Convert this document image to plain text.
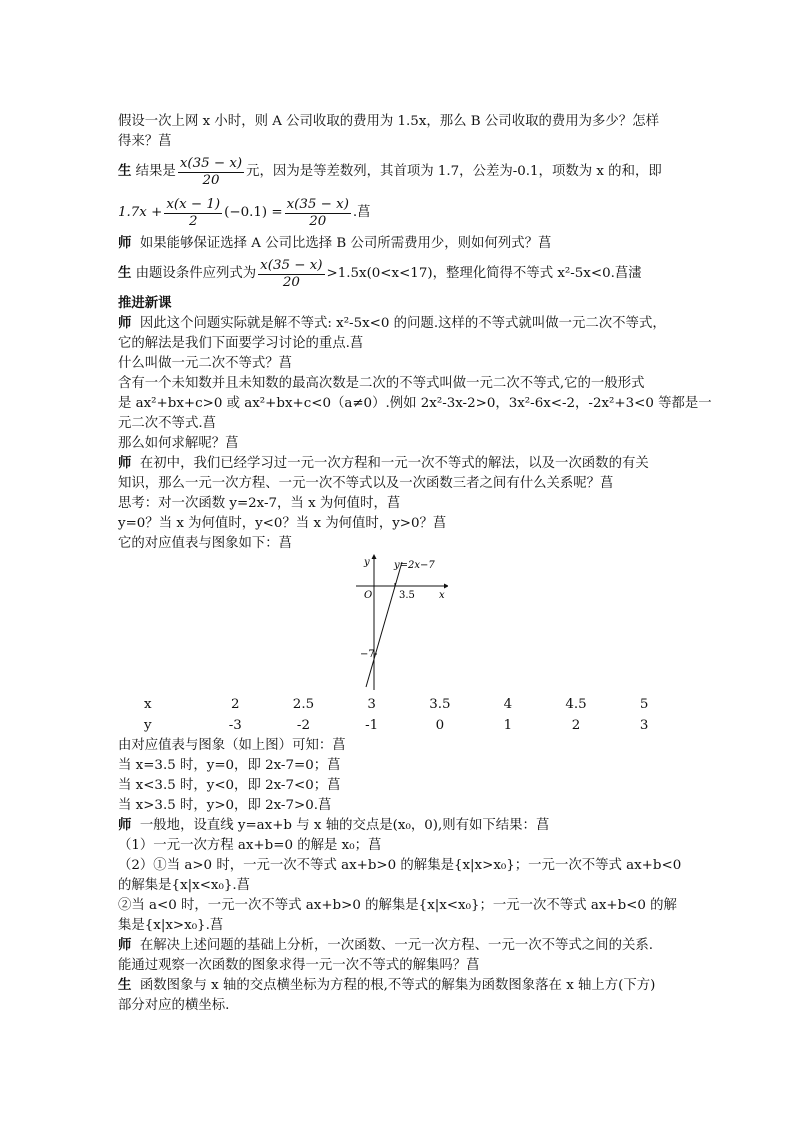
假设一次上网 x 小时，则 A 公司收取的费用为 1.5x，那么 B 公司收取的费用为多少？怎样
得来？菖
生
结果是 $\frac{x(35 - x)}{20}$ 元，因为是等差数列，其首项为 1.7，公差为-0.1，项数为 x 的和，即
$1.7x + \frac{x(x - 1)}{2} (-0.1) = \frac{x(35 - x)}{20}$ .菖
师 如果能够保证选择 A 公司比选择 B 公司所需费用少，则如何列式？菖
生
由题设条件应列式为 $\frac{x(35 - x)}{20} >1.5x(0<x<17)$，整理化简得不等式 x²-5x<0.菖澅
推进新课
师 因此这个问题实际就是解不等式: x²-5x<0 的问题.这样的不等式就叫做一元二次不等式，
它的解法是我们下面要学习讨论的重点.菖
什么叫做一元二次不等式？菖
含有一个未知数并且未知数的最高次数是二次的不等式叫做一元二次不等式,它的一般形式
是 ax²+bx+c>0 或 ax²+bx+c<0（a≠0）.例如 2x²-3x-2>0，3x²-6x<-2，-2x²+3<0 等都是一
元二次不等式.菖
那么如何求解呢？菖
师 在初中，我们已经学习过一元一次方程和一元一次不等式的解法，以及一次函数的有关
知识，那么一元一次方程、一元一次不等式以及一次函数三者之间有什么关系呢？菖
思考：对一次函数 y=2x-7，当 x 为何值时，菖
y=0？当 x 为何值时，y<0？当 x 为何值时，y>0？菖
它的对应值表与图象如下：菖
y
x
O
y=2x−7
3.5
−7
x	2	2.5	3	3.5	4	4.5	5
y	-3	-2	-1	0	1	2	3
由对应值表与图象（如上图）可知：菖
当 x=3.5 时，y=0，即 2x-7=0；菖
当 x<3.5 时，y<0，即 2x-7<0；菖
当 x>3.5 时，y>0，即 2x-7>0.菖
师 一般地，设直线 y=ax+b 与 x 轴的交点是(x₀，0),则有如下结果：菖
（1）一元一次方程 ax+b=0 的解是 x₀；菖
（2）①当 a>0 时，一元一次不等式 ax+b>0 的解集是{x|x>x₀}；一元一次不等式 ax+b<0
的解集是{x|x<x₀}.菖
②当 a<0 时，一元一次不等式 ax+b>0 的解集是{x|x<x₀}；一元一次不等式 ax+b<0 的解
集是{x|x>x₀}.菖
师 在解决上述问题的基础上分析，一次函数、一元一次方程、一元一次不等式之间的关系.
能通过观察一次函数的图象求得一元一次不等式的解集吗？菖
生 函数图象与 x 轴的交点横坐标为方程的根,不等式的解集为函数图象落在 x 轴上方(下方)
部分对应的横坐标.
